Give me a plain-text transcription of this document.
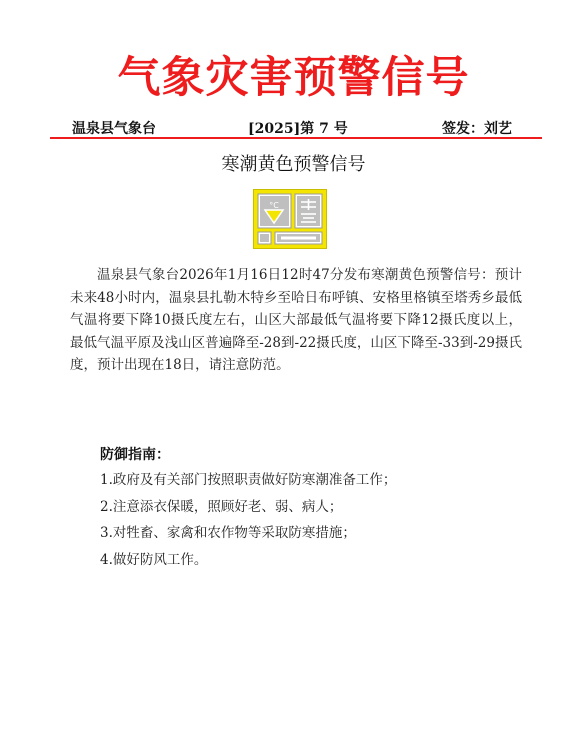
气象灾害预警信号
温泉县气象台	[2025]第 7 号	签发：刘艺
寒潮黄色预警信号
°C
温泉县气象台2026年1月16日12时47分发布寒潮黄色预警信号：预计未来48小时内，温泉县扎勒木特乡至哈日布呼镇、安格里格镇至塔秀乡最低气温将要下降10摄氏度左右，山区大部最低气温将要下降12摄氏度以上，最低气温平原及浅山区普遍降至-28到-22摄氏度，山区下降至-33到-29摄氏度，预计出现在18日，请注意防范。
防御指南：
1.政府及有关部门按照职责做好防寒潮准备工作；
2.注意添衣保暖，照顾好老、弱、病人；
3.对牲畜、家禽和农作物等采取防寒措施；
4.做好防风工作。
